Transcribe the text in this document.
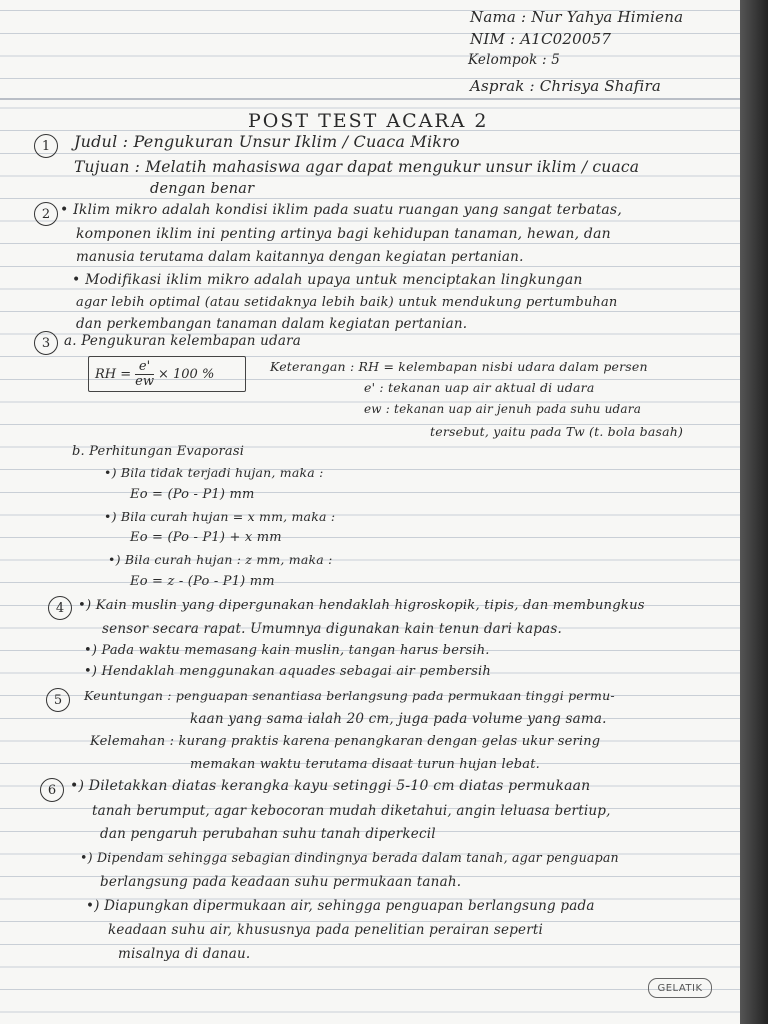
Nama : Nur Yahya Himiena
NIM : A1C020057
Kelompok : 5
Asprak : Chrisya Shafira
POST TEST ACARA 2
1	Judul : Pengukuran Unsur Iklim / Cuaca Mikro
Tujuan : Melatih mahasiswa agar dapat mengukur unsur iklim / cuaca
dengan benar
2 • Iklim mikro adalah kondisi iklim pada suatu ruangan yang sangat terbatas,
komponen iklim ini penting artinya bagi kehidupan tanaman, hewan, dan
manusia terutama dalam kaitannya dengan kegiatan pertanian.
• Modifikasi iklim mikro adalah upaya untuk menciptakan lingkungan
agar lebih optimal (atau setidaknya lebih baik) untuk mendukung pertumbuhan
dan perkembangan tanaman dalam kegiatan pertanian.
3	a. Pengukuran kelembapan udara
RH = $\frac{e'}{ew} \times 100$ %	Keterangan : RH = kelembapan nisbi udara dalam persen
e' : tekanan uap air aktual di udara
ew : tekanan uap air jenuh pada suhu udara
tersebut, yaitu pada Tw (t. bola basah)
b. Perhitungan Evaporasi
•) Bila tidak terjadi hujan, maka :
Eo = (Po - P1) mm
•) Bila curah hujan = x mm, maka :
Eo = (Po - P1) + x mm
•) Bila curah hujan : z mm, maka :
Eo = z - (Po - P1) mm
4	•) Kain muslin yang dipergunakan hendaklah higroskopik, tipis, dan membungkus
sensor secara rapat. Umumnya digunakan kain tenun dari kapas.
•) Pada waktu memasang kain muslin, tangan harus bersih.
•) Hendaklah menggunakan aquades sebagai air pembersih
5	Keuntungan : penguapan senantiasa berlangsung pada permukaan tinggi permu-
kaan yang sama ialah 20 cm, juga pada volume yang sama.
Kelemahan : kurang praktis karena penangkaran dengan gelas ukur sering
memakan waktu terutama disaat turun hujan lebat.
6 •) Diletakkan diatas kerangka kayu setinggi 5-10 cm diatas permukaan
tanah berumput, agar kebocoran mudah diketahui, angin leluasa bertiup,
dan pengaruh perubahan suhu tanah diperkecil
•) Dipendam sehingga sebagian dindingnya berada dalam tanah, agar penguapan
berlangsung pada keadaan suhu permukaan tanah.
•) Diapungkan dipermukaan air, sehingga penguapan berlangsung pada
keadaan suhu air, khususnya pada penelitian perairan seperti
misalnya di danau.
GELATIK
